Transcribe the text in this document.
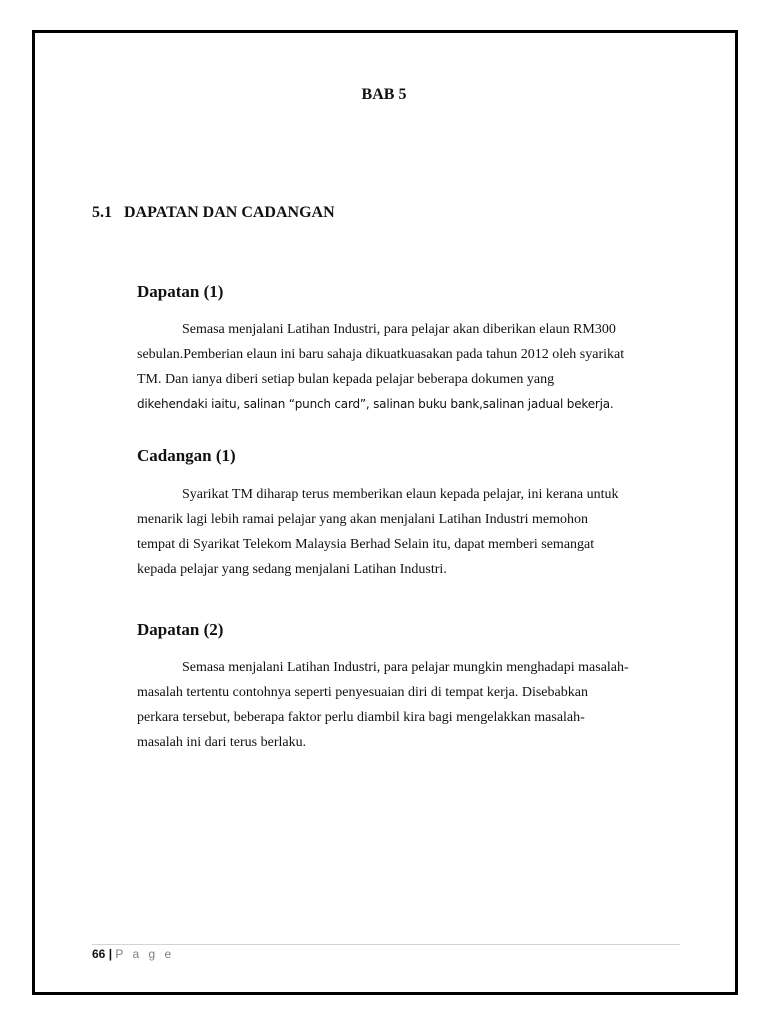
BAB 5
5.1 DAPATAN DAN CADANGAN
Dapatan (1)

Semasa menjalani Latihan Industri, para pelajar akan diberikan elaun RM300
sebulan.Pemberian elaun ini baru sahaja dikuatkuasakan pada tahun 2012 oleh syarikat
TM. Dan ianya diberi setiap bulan kepada pelajar beberapa dokumen yang
dikehendaki iaitu, salinan “punch card”, salinan buku bank,salinan jadual bekerja.

Cadangan (1)

Syarikat TM diharap terus memberikan elaun kepada pelajar, ini kerana untuk
menarik lagi lebih ramai pelajar yang akan menjalani Latihan Industri memohon
tempat di Syarikat Telekom Malaysia Berhad Selain itu, dapat memberi semangat
kepada pelajar yang sedang menjalani Latihan Industri.

Dapatan (2)

Semasa menjalani Latihan Industri, para pelajar mungkin menghadapi masalah-
masalah tertentu contohnya seperti penyesuaian diri di tempat kerja. Disebabkan
perkara tersebut, beberapa faktor perlu diambil kira bagi mengelakkan masalah-
masalah ini dari terus berlaku.

66 | P a g e
